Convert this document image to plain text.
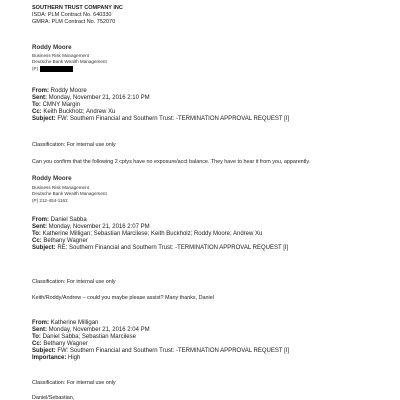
SOUTHERN TRUST COMPANY INC
ISDA: PLM Contract No. 640330
GMRA: PLM Contract No. 752070
Roddy Moore
Business Risk Management
Deutsche Bank Wealth Management
(P)
From: Roddy Moore
Sent: Monday, November 21, 2016 2:10 PM
To: CMNY Margin
Cc: Keith Buckholz; Andrew Xu
Subject: FW: Southern Financial and Southern Trust: -TERMINATION APPROVAL REQUEST [I]
Classification: For internal use only
Can you confirm that the following 2 cptys have no exposure/acct balance. They have to hear it from you, apparently.
Roddy Moore
Business Risk Management
Deutsche Bank Wealth Management
(P) 212-454-1162
From: Daniel Sabba
Sent: Monday, November 21, 2016 2:07 PM
To: Katherine Milligan; Sebastian Marcilese; Keith Buckholz; Roddy Moore; Andrew Xu
Cc: Bethany Wagner
Subject: RE: Southern Financial and Southern Trust: -TERMINATION APPROVAL REQUEST [I]
Classification: For internal use only
Keith/Roddy/Andrew – could you maybe please assist? Many thanks, Daniel
From: Katherine Milligan
Sent: Monday, November 21, 2016 2:04 PM
To: Daniel Sabba; Sebastian Marcilese
Cc: Bethany Wagner
Subject: FW: Southern Financial and Southern Trust: -TERMINATION APPROVAL REQUEST [I]
Importance: High
Classification: For internal use only
Daniel/Sebastian,
